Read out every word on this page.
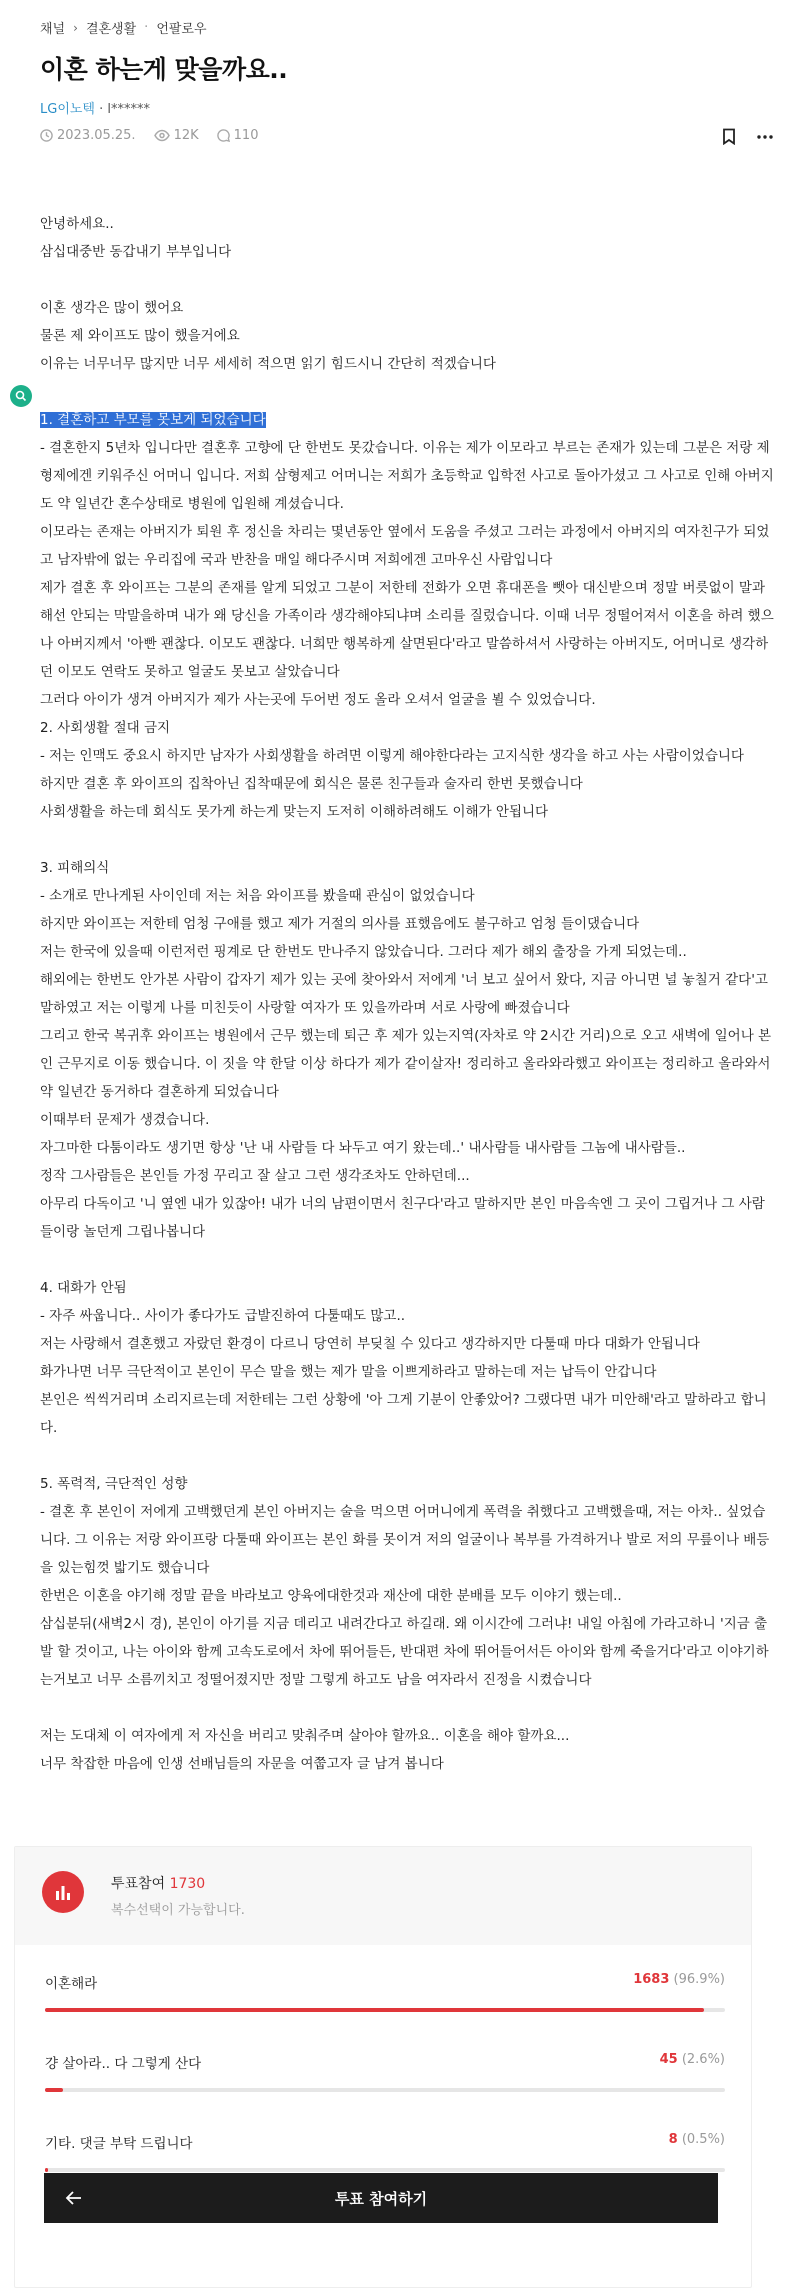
채널 › 결혼생활 · 언팔로우
이혼 하는게 맞을까요..
LG이노텍 · l******
2023.05.25.	12K	110

안녕하세요..

삼십대중반 동갑내기 부부입니다

이혼 생각은 많이 했어요

물론 제 와이프도 많이 했을거에요

이유는 너무너무 많지만 너무 세세히 적으면 읽기 힘드시니 간단히 적겠습니다

1. 결혼하고 부모를 못보게 되었습니다

- 결혼한지 5년차 입니다만 결혼후 고향에 단 한번도 못갔습니다. 이유는 제가 이모라고 부르는 존재가 있는데 그분은 저랑 제 형제에겐 키워주신 어머니 입니다. 저희 삼형제고 어머니는 저희가 초등학교 입학전 사고로 돌아가셨고 그 사고로 인해 아버지도 약 일년간 혼수상태로 병원에 입원해 계셨습니다.

이모라는 존재는 아버지가 퇴원 후 정신을 차리는 몇년동안 옆에서 도움을 주셨고 그러는 과정에서 아버지의 여자친구가 되었고 남자밖에 없는 우리집에 국과 반찬을 매일 해다주시며 저희에겐 고마우신 사람입니다

제가 결혼 후 와이프는 그분의 존재를 알게 되었고 그분이 저한테 전화가 오면 휴대폰을 뺏아 대신받으며 정말 버릇없이 말과 해선 안되는 막말을하며 내가 왜 당신을 가족이라 생각해야되냐며 소리를 질렀습니다. 이때 너무 정떨어져서 이혼을 하려 했으나 아버지께서 '아빤 괜찮다. 이모도 괜찮다. 너희만 행복하게 살면된다'라고 말씀하셔서 사랑하는 아버지도, 어머니로 생각하던 이모도 연락도 못하고 얼굴도 못보고 살았습니다

그러다 아이가 생겨 아버지가 제가 사는곳에 두어번 정도 올라 오셔서 얼굴을 뵐 수 있었습니다.

2. 사회생활 절대 금지

- 저는 인맥도 중요시 하지만 남자가 사회생활을 하려면 이렇게 해야한다라는 고지식한 생각을 하고 사는 사람이었습니다

하지만 결혼 후 와이프의 집착아닌 집착때문에 회식은 물론 친구들과 술자리 한번 못했습니다

사회생활을 하는데 회식도 못가게 하는게 맞는지 도저히 이해하려해도 이해가 안됩니다

3. 피해의식

- 소개로 만나게된 사이인데 저는 처음 와이프를 봤을때 관심이 없었습니다

하지만 와이프는 저한테 엄청 구애를 했고 제가 거절의 의사를 표했음에도 불구하고 엄청 들이댔습니다

저는 한국에 있을때 이런저런 핑계로 단 한번도 만나주지 않았습니다. 그러다 제가 해외 출장을 가게 되었는데..

해외에는 한번도 안가본 사람이 갑자기 제가 있는 곳에 찾아와서 저에게 '너 보고 싶어서 왔다, 지금 아니면 널 놓칠거 같다'고 말하였고 저는 이렇게 나를 미친듯이 사랑할 여자가 또 있을까라며 서로 사랑에 빠졌습니다

그리고 한국 복귀후 와이프는 병원에서 근무 했는데 퇴근 후 제가 있는지역(자차로 약 2시간 거리)으로 오고 새벽에 일어나 본인 근무지로 이동 했습니다. 이 짓을 약 한달 이상 하다가 제가 같이살자! 정리하고 올라와라했고 와이프는 정리하고 올라와서 약 일년간 동거하다 결혼하게 되었습니다

이때부터 문제가 생겼습니다.

자그마한 다툼이라도 생기면 항상 '난 내 사람들 다 놔두고 여기 왔는데..' 내사람들 내사람들 그놈에 내사람들..

정작 그사람들은 본인들 가정 꾸리고 잘 살고 그런 생각조차도 안하던데...

아무리 다독이고 '니 옆엔 내가 있잖아! 내가 너의 남편이면서 친구다'라고 말하지만 본인 마음속엔 그 곳이 그립거나 그 사람들이랑 놀던게 그립나봅니다

4. 대화가 안됨

- 자주 싸웁니다.. 사이가 좋다가도 급발진하여 다툴때도 많고..

저는 사랑해서 결혼했고 자랐던 환경이 다르니 당연히 부딪칠 수 있다고 생각하지만 다툴때 마다 대화가 안됩니다

화가나면 너무 극단적이고 본인이 무슨 말을 했는 제가 말을 이쁘게하라고 말하는데 저는 납득이 안갑니다

본인은 씩씩거리며 소리지르는데 저한테는 그런 상황에 '아 그게 기분이 안좋았어? 그랬다면 내가 미안해'라고 말하라고 합니다.

5. 폭력적, 극단적인 성향

- 결혼 후 본인이 저에게 고백했던게 본인 아버지는 술을 먹으면 어머니에게 폭력을 취했다고 고백했을때, 저는 아차.. 싶었습니다. 그 이유는 저랑 와이프랑 다툴때 와이프는 본인 화를 못이겨 저의 얼굴이나 복부를 가격하거나 발로 저의 무릎이나 배등을 있는힘껏 밟기도 했습니다

한번은 이혼을 야기해 정말 끝을 바라보고 양육에대한것과 재산에 대한 분배를 모두 이야기 했는데..

삼십분뒤(새벽2시 경), 본인이 아기를 지금 데리고 내려간다고 하길래. 왜 이시간에 그러냐! 내일 아침에 가라고하니 '지금 출발 할 것이고, 나는 아이와 함께 고속도로에서 차에 뛰어들든, 반대편 차에 뛰어들어서든 아이와 함께 죽을거다'라고 이야기하는거보고 너무 소름끼치고 정떨어졌지만 정말 그렇게 하고도 남을 여자라서 진정을 시켰습니다

저는 도대체 이 여자에게 저 자신을 버리고 맞춰주며 살아야 할까요.. 이혼을 해야 할까요...

너무 착잡한 마음에 인생 선배님들의 자문을 여쭙고자 글 남겨 봅니다

투표참여 1730
복수선택이 가능합니다.
이혼해라	1683 (96.9%)
걍 살아라.. 다 그렇게 산다	45 (2.6%)
기타. 댓글 부탁 드립니다	8 (0.5%)
투표 참여하기
